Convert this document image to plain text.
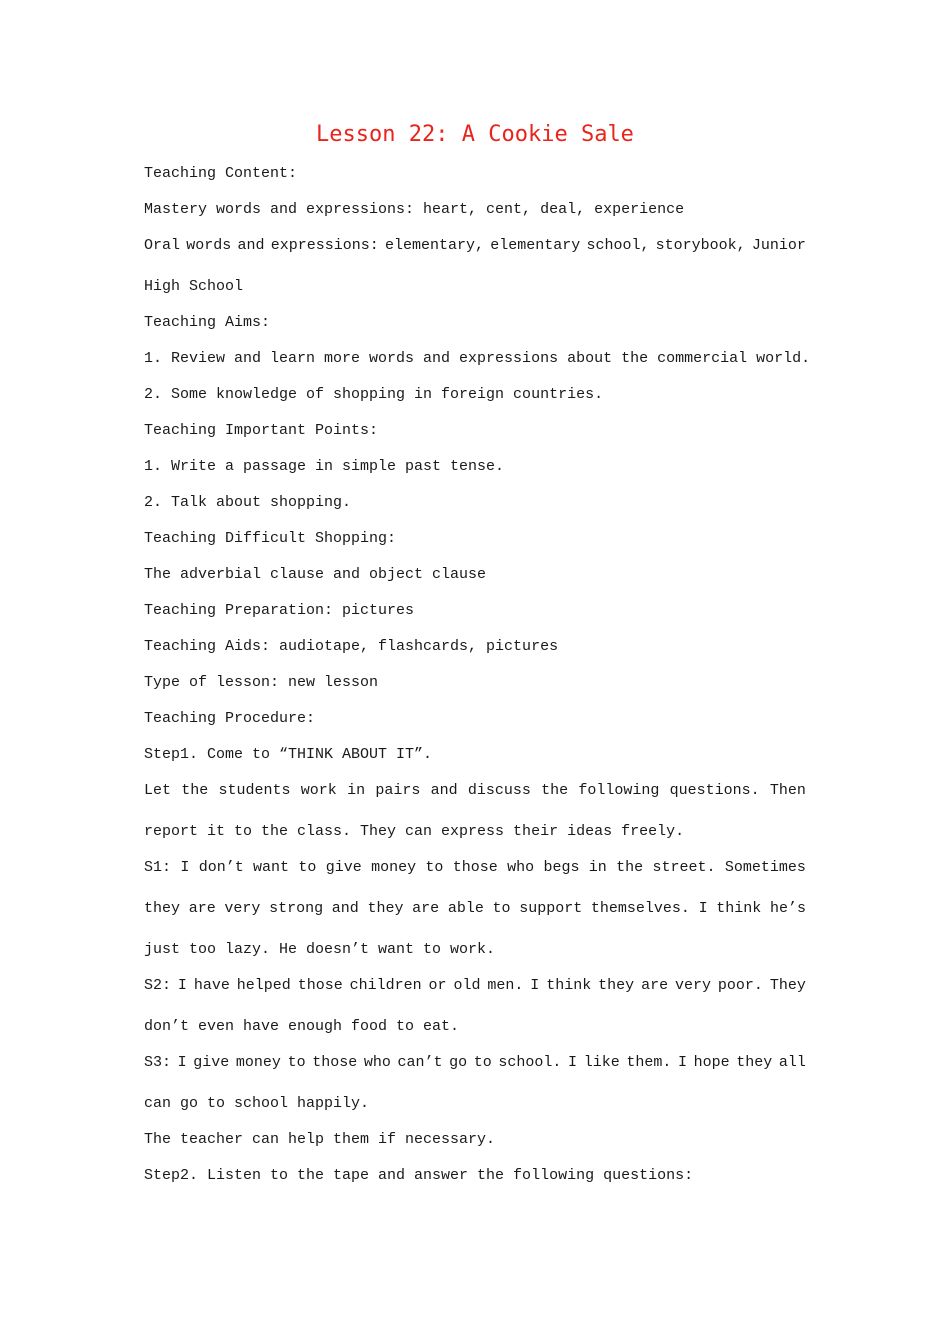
Lesson 22: A Cookie Sale
Teaching Content:
Mastery words and expressions: heart, cent, deal, experience
Oral words and expressions: elementary, elementary school, storybook, Junior
High School
Teaching Aims:
1. Review and learn more words and expressions about the commercial world.
2. Some knowledge of shopping in foreign countries.
Teaching Important Points:
1. Write a passage in simple past tense.
2. Talk about shopping.
Teaching Difficult Shopping:
The adverbial clause and object clause
Teaching Preparation: pictures
Teaching Aids: audiotape, flashcards, pictures
Type of lesson: new lesson
Teaching Procedure:
Step1. Come to “THINK ABOUT IT”.
Let the students work in pairs and discuss the following questions. Then
report it to the class. They can express their ideas freely.
S1: I don’t want to give money to those who begs in the street. Sometimes
they are very strong and they are able to support themselves. I think he’s
just too lazy. He doesn’t want to work.
S2: I have helped those children or old men. I think they are very poor. They
don’t even have enough food to eat.
S3: I give money to those who can’t go to school. I like them. I hope they all
can go to school happily.
The teacher can help them if necessary.
Step2. Listen to the tape and answer the following questions:
